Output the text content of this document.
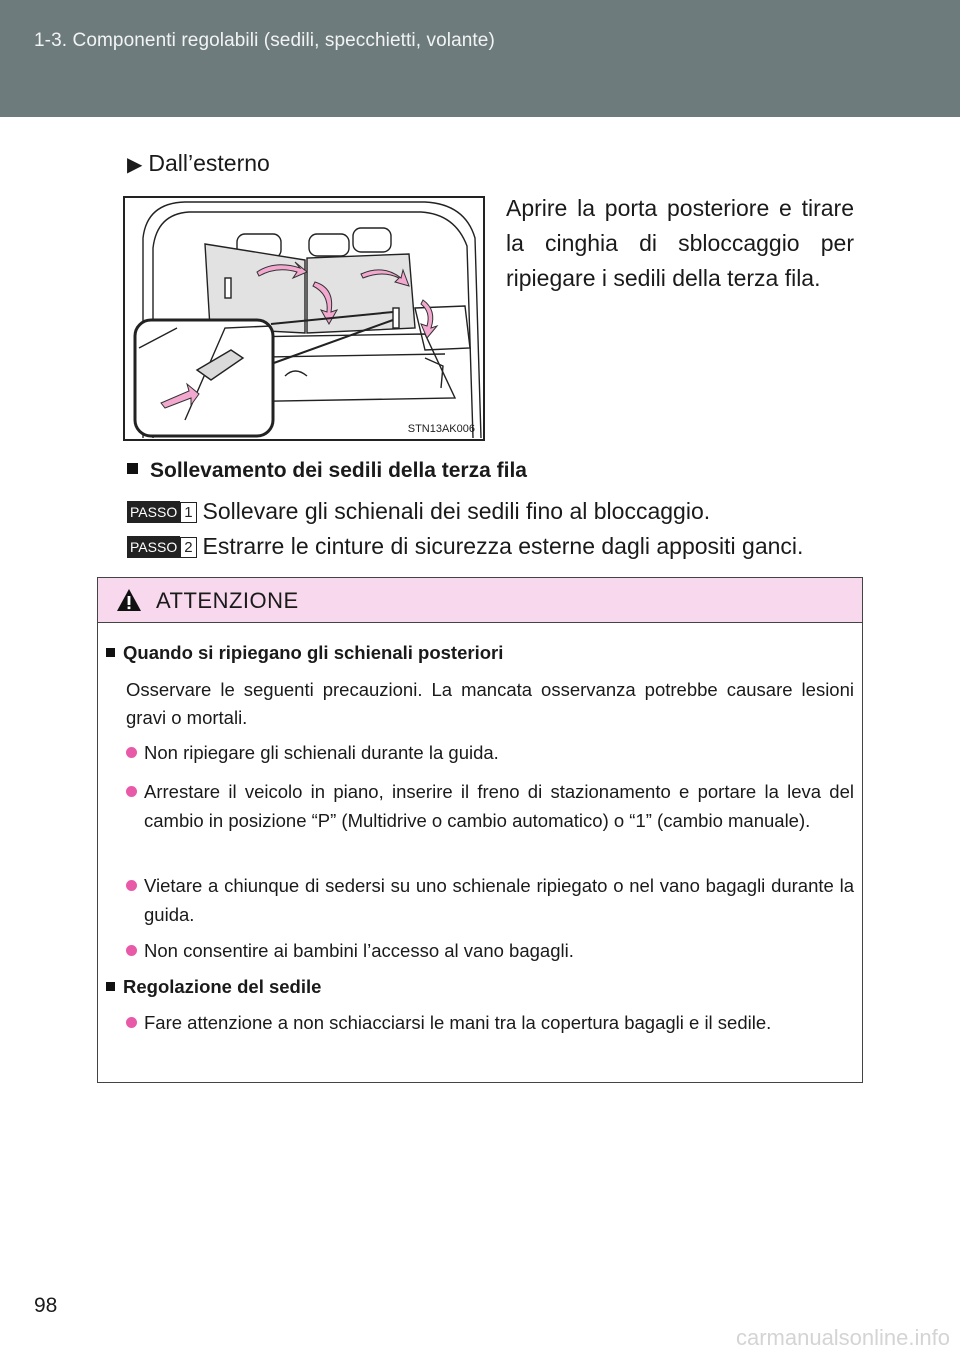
1-3. Componenti regolabili (sedili, specchietti, volante)
▶ Dall’esterno
STN13AK006
Aprire la porta posteriore e tirare la cinghia di sbloccaggio per ripiegare i sedili della terza fila.
Sollevamento dei sedili della terza fila
PASSO 1 Sollevare gli schienali dei sedili fino al bloccaggio.
PASSO 2 Estrarre le cinture di sicurezza esterne dagli appositi ganci.
ATTENZIONE
Quando si ripiegano gli schienali posteriori
Osservare le seguenti precauzioni. La mancata osservanza potrebbe causare lesioni gravi o mortali.
Non ripiegare gli schienali durante la guida.
Arrestare il veicolo in piano, inserire il freno di stazionamento e portare la leva del cambio in posizione “P” (Multidrive o cambio automatico) o “1” (cambio manuale).
Vietare a chiunque di sedersi su uno schienale ripiegato o nel vano bagagli durante la guida.
Non consentire ai bambini l’accesso al vano bagagli.
Regolazione del sedile
Fare attenzione a non schiacciarsi le mani tra la copertura bagagli e il sedile.
98
carmanualsonline.info
